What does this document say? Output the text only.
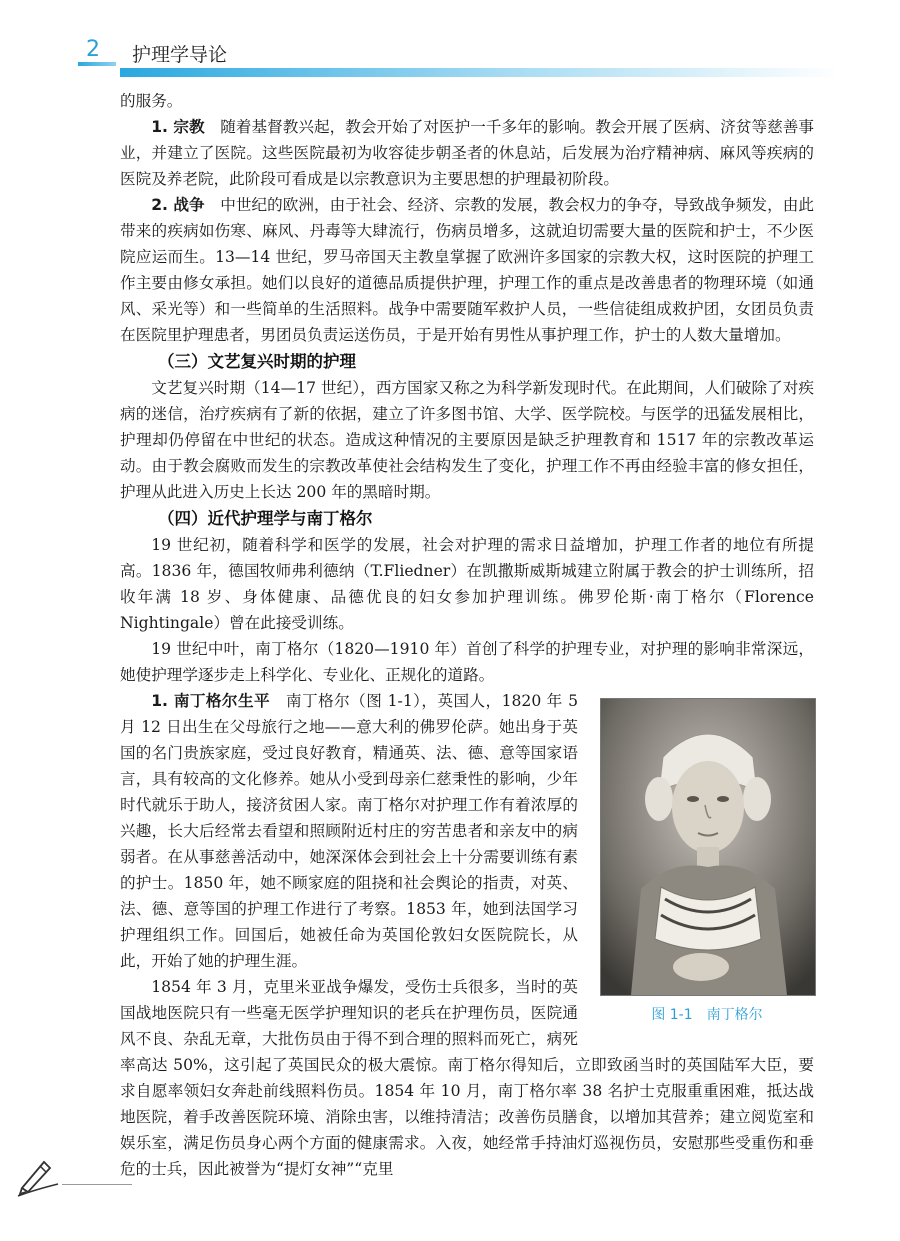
2 护理学导论

的服务。

1. 宗教  随着基督教兴起，教会开始了对医护一千多年的影响。教会开展了医病、济贫等慈善事业，并建立了医院。这些医院最初为收容徒步朝圣者的休息站，后发展为治疗精神病、麻风等疾病的医院及养老院，此阶段可看成是以宗教意识为主要思想的护理最初阶段。

2. 战争  中世纪的欧洲，由于社会、经济、宗教的发展，教会权力的争夺，导致战争频发，由此带来的疾病如伤寒、麻风、丹毒等大肆流行，伤病员增多，这就迫切需要大量的医院和护士，不少医院应运而生。13—14 世纪，罗马帝国天主教皇掌握了欧洲许多国家的宗教大权，这时医院的护理工作主要由修女承担。她们以良好的道德品质提供护理，护理工作的重点是改善患者的物理环境（如通风、采光等）和一些简单的生活照料。战争中需要随军救护人员，一些信徒组成救护团，女团员负责在医院里护理患者，男团员负责运送伤员，于是开始有男性从事护理工作，护士的人数大量增加。

（三）文艺复兴时期的护理

文艺复兴时期（14—17 世纪），西方国家又称之为科学新发现时代。在此期间，人们破除了对疾病的迷信，治疗疾病有了新的依据，建立了许多图书馆、大学、医学院校。与医学的迅猛发展相比，护理却仍停留在中世纪的状态。造成这种情况的主要原因是缺乏护理教育和 1517 年的宗教改革运动。由于教会腐败而发生的宗教改革使社会结构发生了变化，护理工作不再由经验丰富的修女担任，护理从此进入历史上长达 200 年的黑暗时期。

（四）近代护理学与南丁格尔

19 世纪初，随着科学和医学的发展，社会对护理的需求日益增加，护理工作者的地位有所提高。1836 年，德国牧师弗利德纳（T.Fliedner）在凯撒斯威斯城建立附属于教会的护士训练所，招收年满 18 岁、身体健康、品德优良的妇女参加护理训练。佛罗伦斯·南丁格尔（Florence Nightingale）曾在此接受训练。

19 世纪中叶，南丁格尔（1820—1910 年）首创了科学的护理专业，对护理的影响非常深远，她使护理学逐步走上科学化、专业化、正规化的道路。

图 1-1　南丁格尔

1. 南丁格尔生平  南丁格尔（图 1-1），英国人，1820 年 5 月 12 日出生在父母旅行之地——意大利的佛罗伦萨。她出身于英国的名门贵族家庭，受过良好教育，精通英、法、德、意等国家语言，具有较高的文化修养。她从小受到母亲仁慈秉性的影响，少年时代就乐于助人，接济贫困人家。南丁格尔对护理工作有着浓厚的兴趣，长大后经常去看望和照顾附近村庄的穷苦患者和亲友中的病弱者。在从事慈善活动中，她深深体会到社会上十分需要训练有素的护士。1850 年，她不顾家庭的阻挠和社会舆论的指责，对英、法、德、意等国的护理工作进行了考察。1853 年，她到法国学习护理组织工作。回国后，她被任命为英国伦敦妇女医院院长，从此，开始了她的护理生涯。

1854 年 3 月，克里米亚战争爆发，受伤士兵很多，当时的英国战地医院只有一些毫无医学护理知识的老兵在护理伤员，医院通风不良、杂乱无章，大批伤员由于得不到合理的照料而死亡，病死率高达 50%，这引起了英国民众的极大震惊。南丁格尔得知后，立即致函当时的英国陆军大臣，要求自愿率领妇女奔赴前线照料伤员。1854 年 10 月，南丁格尔率 38 名护士克服重重困难，抵达战地医院，着手改善医院环境、消除虫害，以维持清洁；改善伤员膳食，以增加其营养；建立阅览室和娱乐室，满足伤员身心两个方面的健康需求。入夜，她经常手持油灯巡视伤员，安慰那些受重伤和垂危的士兵，因此被誉为“提灯女神”“克里
